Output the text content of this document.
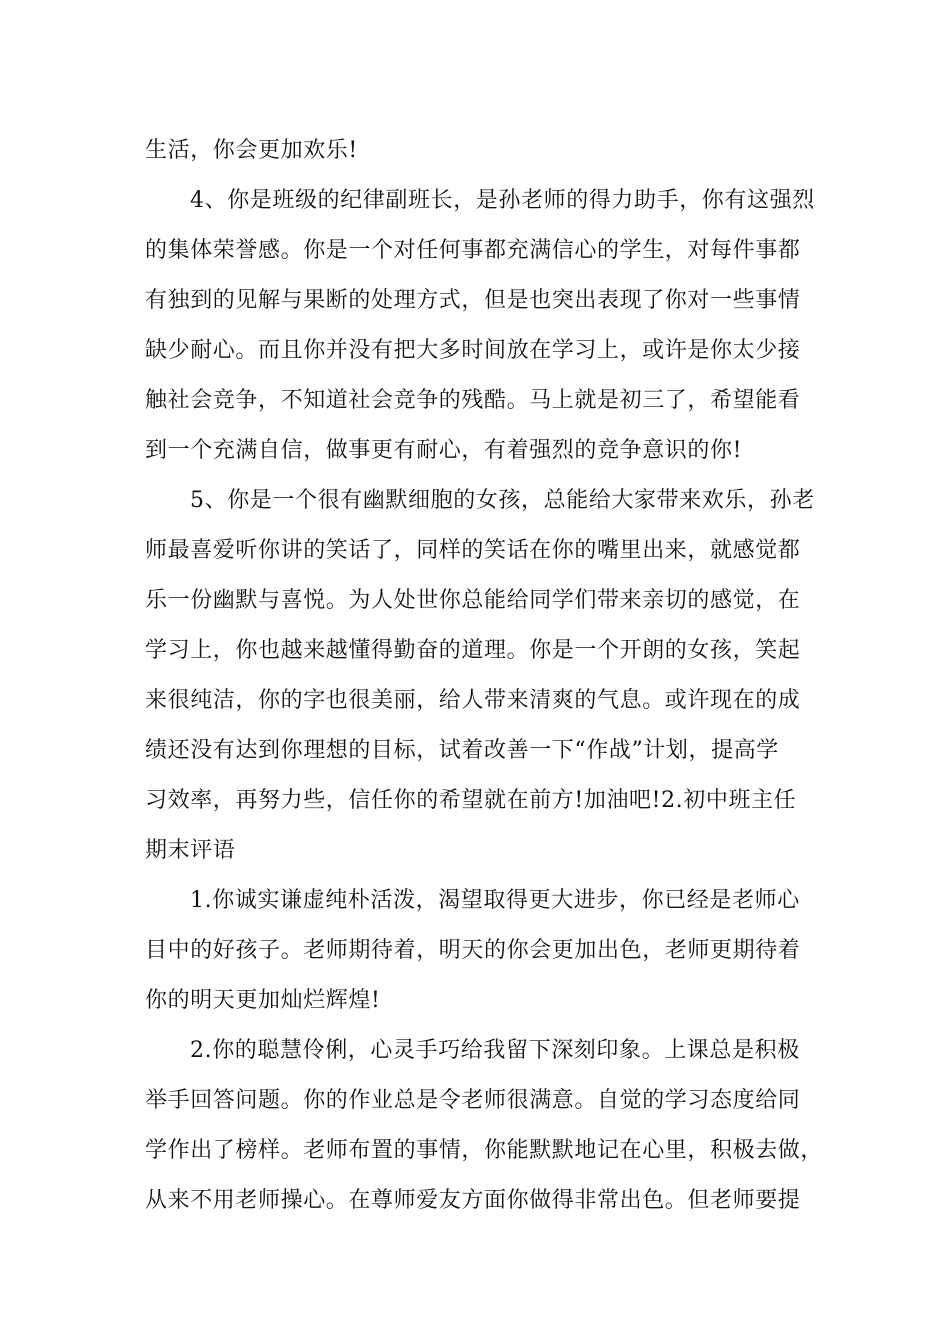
生活，你会更加欢乐!
4、你是班级的纪律副班长，是孙老师的得力助手，你有这强烈
的集体荣誉感。你是一个对任何事都充满信心的学生，对每件事都
有独到的见解与果断的处理方式，但是也突出表现了你对一些事情
缺少耐心。而且你并没有把大多时间放在学习上，或许是你太少接
触社会竞争，不知道社会竞争的残酷。马上就是初三了，希望能看
到一个充满自信，做事更有耐心，有着强烈的竞争意识的你!
5、你是一个很有幽默细胞的女孩，总能给大家带来欢乐，孙老
师最喜爱听你讲的笑话了，同样的笑话在你的嘴里出来，就感觉都
乐一份幽默与喜悦。为人处世你总能给同学们带来亲切的感觉，在
学习上，你也越来越懂得勤奋的道理。你是一个开朗的女孩，笑起
来很纯洁，你的字也很美丽，给人带来清爽的气息。或许现在的成
绩还没有达到你理想的目标，试着改善一下“作战”计划，提高学
习效率，再努力些，信任你的希望就在前方!加油吧!2.初中班主任
期末评语
1.你诚实谦虚纯朴活泼，渴望取得更大进步，你已经是老师心
目中的好孩子。老师期待着，明天的你会更加出色，老师更期待着
你的明天更加灿烂辉煌!
2.你的聪慧伶俐，心灵手巧给我留下深刻印象。上课总是积极
举手回答问题。你的作业总是令老师很满意。自觉的学习态度给同
学作出了榜样。老师布置的事情，你能默默地记在心里，积极去做，
从来不用老师操心。在尊师爱友方面你做得非常出色。但老师要提
